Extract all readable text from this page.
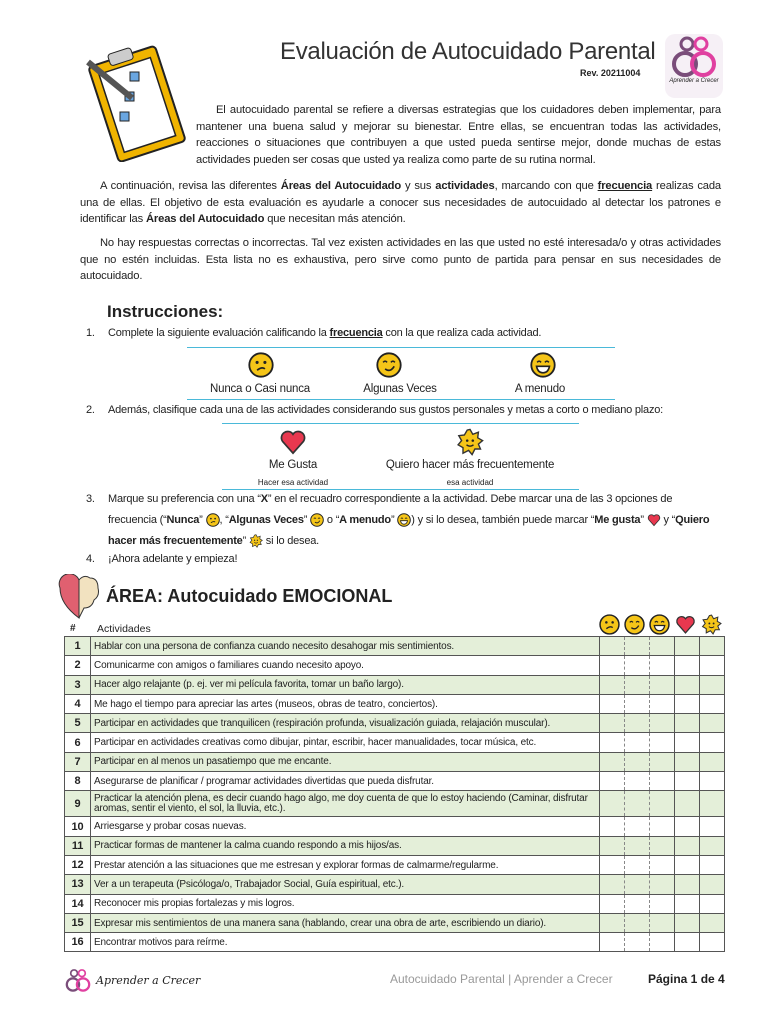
Evaluación de Autocuidado Parental
Rev. 20211004
Aprender a Crecer
El autocuidado parental se refiere a diversas estrategias que los cuidadores deben implementar, para mantener una buena salud y mejorar su bienestar. Entre ellas, se encuentran todas las actividades, reacciones o situaciones que contribuyen a que usted pueda sentirse mejor, donde muchas de estas actividades pueden ser cosas que usted ya realiza como parte de su rutina normal.
A continuación, revisa las diferentes Áreas del Autocuidado y sus actividades, marcando con que frecuencia realizas cada una de ellas. El objetivo de esta evaluación es ayudarle a conocer sus necesidades de autocuidado al detectar los patrones e identificar las Áreas del Autocuidado que necesitan más atención.
No hay respuestas correctas o incorrectas. Tal vez existen actividades en las que usted no esté interesada/o y otras actividades que no estén incluidas. Esta lista no es exhaustiva, pero sirve como punto de partida para pensar en sus necesidades de autocuidado.
Instrucciones:
1. Complete la siguiente evaluación calificando la frecuencia con la que realiza cada actividad.
Nunca o Casi nunca	Algunas Veces	A menudo
2. Además, clasifique cada una de las actividades considerando sus gustos personales y metas a corto o mediano plazo:
Me Gusta	Quiero hacer más frecuentemente
Hacer esa actividad	esa actividad
3. Marque su preferencia con una “X” en el recuadro correspondiente a la actividad. Debe marcar una de las 3 opciones de frecuencia (“Nunca” , “Algunas Veces”  o “A menudo” ) y si lo desea, también puede marcar “Me gusta”  y “Quiero hacer más frecuentemente”  si lo desea.
4. ¡Ahora adelante y empieza!
ÁREA: Autocuidado EMOCIONAL
# Actividades
1	Hablar con una persona de confianza cuando necesito desahogar mis sentimientos.					
2	Comunicarme con amigos o familiares cuando necesito apoyo.					
3	Hacer algo relajante (p. ej. ver mi película favorita, tomar un baño largo).					
4	Me hago el tiempo para apreciar las artes (museos, obras de teatro, conciertos).					
5	Participar en actividades que tranquilicen (respiración profunda, visualización guiada, relajación muscular).					
6	Participar en actividades creativas como dibujar, pintar, escribir, hacer manualidades, tocar música, etc.					
7	Participar en al menos un pasatiempo que me encante.					
8	Asegurarse de planificar / programar actividades divertidas que pueda disfrutar.					
9	Practicar la atención plena, es decir cuando hago algo, me doy cuenta de que lo estoy haciendo (Caminar, disfrutar aromas, sentir el viento, el sol, la lluvia, etc.).					
10	Arriesgarse y probar cosas nuevas.					
11	Practicar formas de mantener la calma cuando respondo a mis hijos/as.					
12	Prestar atención a las situaciones que me estresan y explorar formas de calmarme/regularme.					
13	Ver a un terapeuta (Psicóloga/o, Trabajador Social, Guía espiritual, etc.).					
14	Reconocer mis propias fortalezas y mis logros.					
15	Expresar mis sentimientos de una manera sana (hablando, crear una obra de arte, escribiendo un diario).					
16	Encontrar motivos para reírme.					
Aprender a Crecer	Autocuidado Parental | Aprender a Crecer	Página 1 de 4
